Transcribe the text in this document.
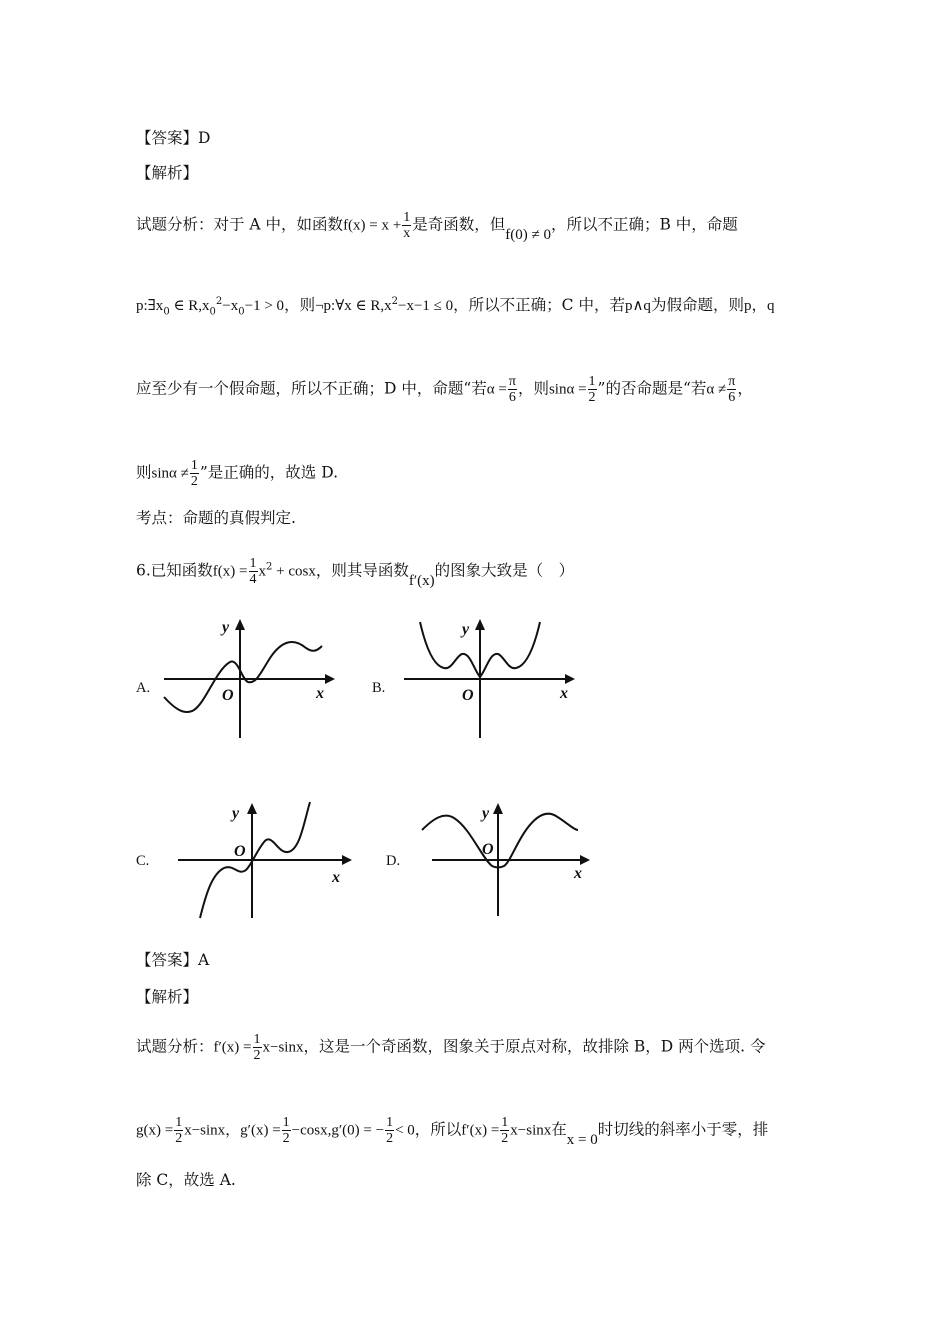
【答案】D
【解析】
试题分析：对于 A 中，如函数$f(x) = x + \frac{1}{x}$ 是奇函数，但f(0) ≠ 0，所以不正确；B 中，命题
$p:\exists x_0$ ∈ $R,x_0^2-x_0-1 > 0$，则¬p:∀x ∈ $R,x^2-x-1 \le 0$，所以不正确；C 中，若p∧q为假命题，则p，q
应至少有一个假命题，所以不正确；D 中，命题“若$\alpha = \frac{\pi}{6}$ ，则$\sin\alpha = \frac{1}{2}$ ”的否命题是“若$\alpha \ne \frac{\pi}{6}$ ，
则$\sin\alpha \ne \frac{1}{2}$ ”是正确的，故选 D.
考点：命题的真假判定.
6.已知函数$f(x) = \frac{1}{4} x^2 + \cos x$，则其导函数f′(x)的图象大致是（　）
A.	B.
C.	D.
y
x
O
y
x
O
y
x
O
y
x
O
【答案】A
【解析】
试题分析：$f'(x) = \frac{1}{2} x-\sin x$，这是一个奇函数，图象关于原点对称，故排除 B，D 两个选项. 令
$g(x) = \frac{1}{2} x-\sin x$，$g'(x) = \frac{1}{2} -\cos x,g'(0)$ = − $\frac{1}{2} < 0$，所以$f'(x) = \frac{1}{2} x-\sin x$在x = 0时切线的斜率小于零，排
除 C，故选 A.
